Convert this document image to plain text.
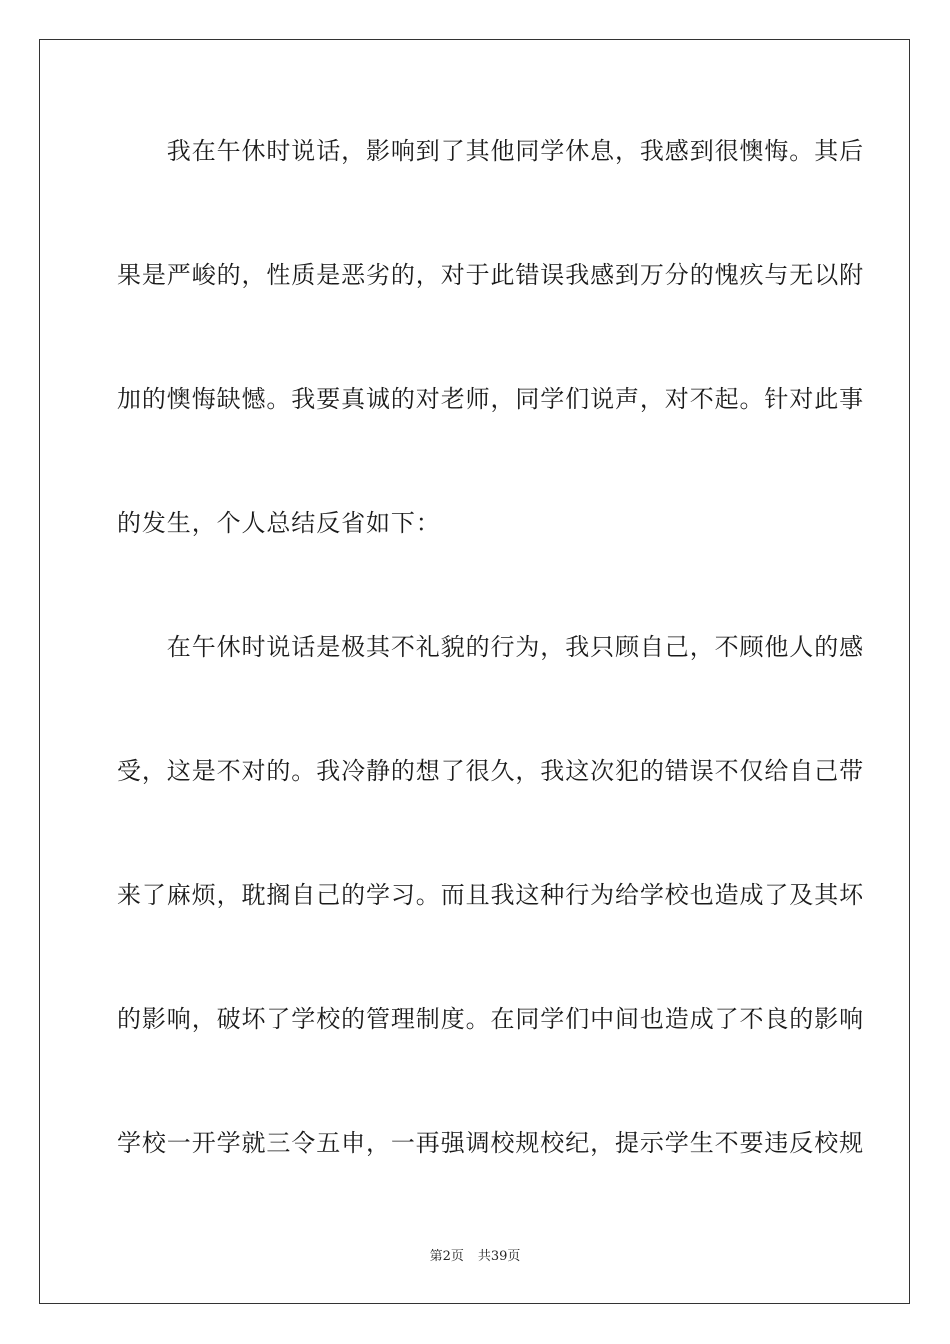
　　我在午休时说话，影响到了其他同学休息，我感到很懊悔。其后
果是严峻的，性质是恶劣的，对于此错误我感到万分的愧疚与无以附
加的懊悔缺憾。我要真诚的对老师，同学们说声，对不起。针对此事
的发生，个人总结反省如下：
　　在午休时说话是极其不礼貌的行为，我只顾自己，不顾他人的感
受，这是不对的。我冷静的想了很久，我这次犯的错误不仅给自己带
来了麻烦，耽搁自己的学习。而且我这种行为给学校也造成了及其坏
的影响，破坏了学校的管理制度。在同学们中间也造成了不良的影响
学校一开学就三令五申，一再强调校规校纪，提示学生不要违反校规
第2页 共39页
